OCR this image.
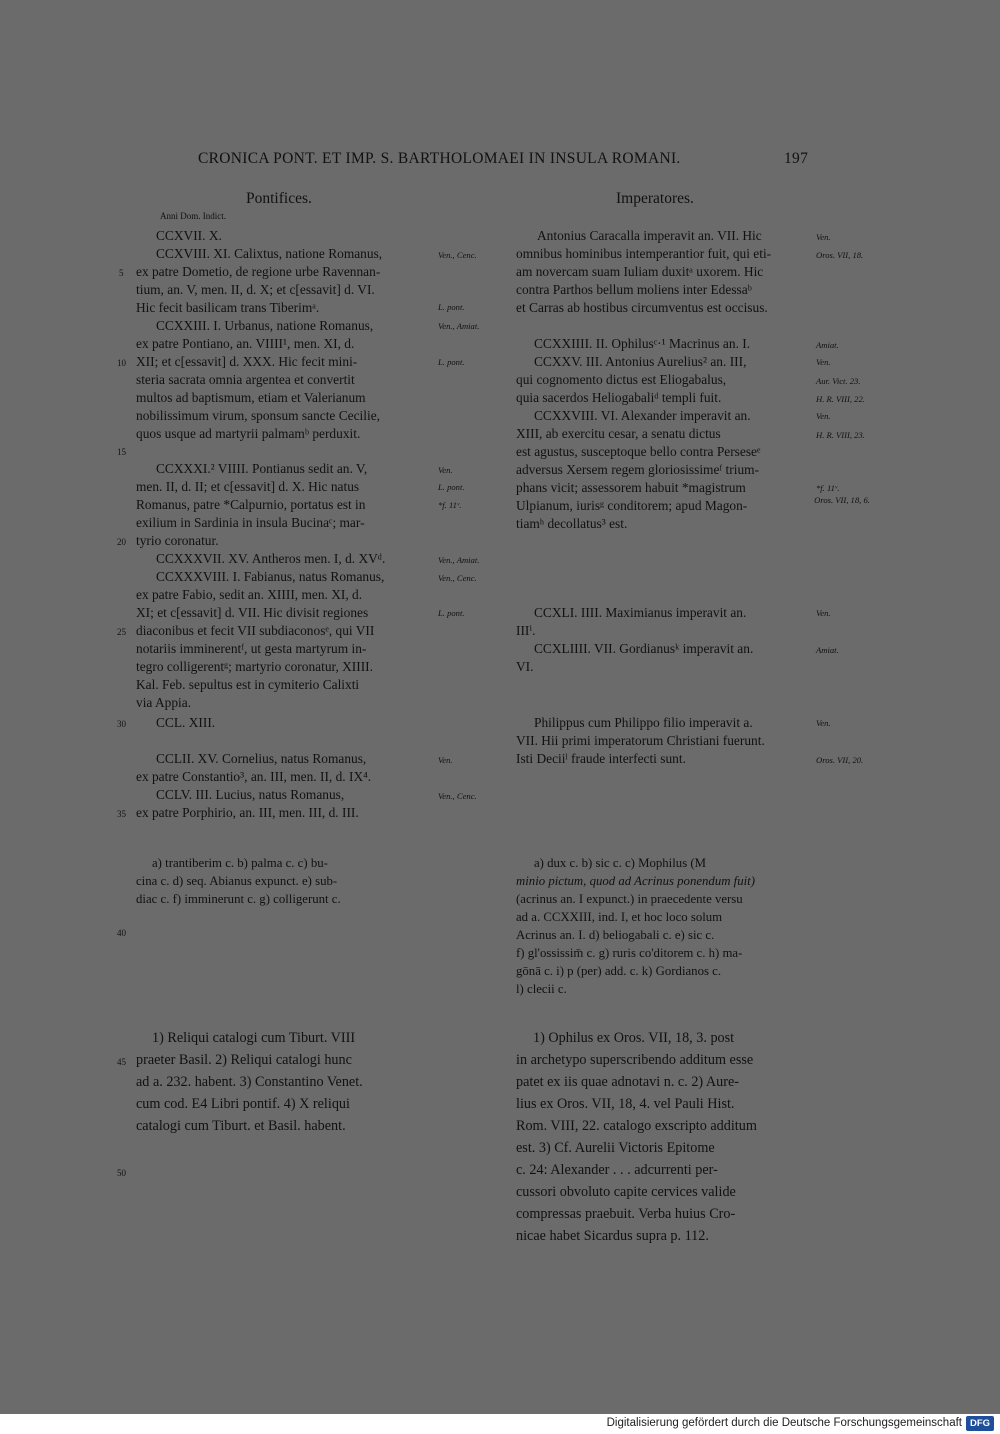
CRONICA PONT. ET IMP. S. BARTHOLOMAEI IN INSULA ROMANI.	197
Pontifices.	Imperatores.
Anni Dom. Indict.
CCXVII. X.
CCXVIII. XI. Calixtus, natione Romanus,
ex patre Dometio, de regione urbe Ravennan-
tium, an. V, men. II, d. X; et c[essavit] d. VI.
Hic fecit basilicam trans Tiberimᵃ.
CCXXIII. I. Urbanus, natione Romanus,
ex patre Pontiano, an. VIIII¹, men. XI, d.
XII; et c[essavit] d. XXX. Hic fecit mini-
steria sacrata omnia argentea et convertit
multos ad baptismum, etiam et Valerianum
nobilissimum virum, sponsum sancte Cecilie,
quos usque ad martyrii palmamᵇ perduxit.
CCXXXI.² VIIII. Pontianus sedit an. V,
men. II, d. II; et c[essavit] d. X. Hic natus
Romanus, patre *Calpurnio, portatus est in
exilium in Sardinia in insula Bucinaᶜ; mar-
tyrio coronatur.
CCXXXVII. XV. Antheros men. I, d. XVᵈ.
CCXXXVIII. I. Fabianus, natus Romanus,
ex patre Fabio, sedit an. XIIII, men. XI, d.
XI; et c[essavit] d. VII. Hic divisit regiones
diaconibus et fecit VII subdiaconosᵉ, qui VII
notariis imminerentᶠ, ut gesta martyrum in-
tegro colligerentᵍ; martyrio coronatur, XIIII.
Kal. Feb. sepultus est in cymiterio Calixti
via Appia.
CCL. XIII.
CCLII. XV. Cornelius, natus Romanus,
ex patre Constantio³, an. III, men. II, d. IX⁴.
CCLV. III. Lucius, natus Romanus,
ex patre Porphirio, an. III, men. III, d. III.
Ven., Cenc.
L. pont.
Ven., Amiat.
L. pont.
Ven.
L. pont.
*f. 11ᵛ.
Ven., Amiat.
Ven., Cenc.
L. pont.
Ven.
Ven., Cenc.
5
10
15
20
25
30
35
40
45
50
a) trantiberim c. b) palma c. c) bu-
cina c. d) seq. Abianus expunct. e) sub-
diac c. f) imminerunt c. g) colligerunt c.
1) Reliqui catalogi cum Tiburt. VIII
praeter Basil. 2) Reliqui catalogi hunc
ad a. 232. habent. 3) Constantino Venet.
cum cod. E4 Libri pontif. 4) X reliqui
catalogi cum Tiburt. et Basil. habent.
Antonius Caracalla imperavit an. VII. Hic
omnibus hominibus intemperantior fuit, qui eti-
am novercam suam Iuliam duxitᵃ uxorem. Hic
contra Parthos bellum moliens inter Edessaᵇ
et Carras ab hostibus circumventus est occisus.
CCXXIIII. II. Ophilusᶜ·¹ Macrinus an. I.
CCXXV. III. Antonius Aurelius² an. III,
qui cognomento dictus est Eliogabalus,
quia sacerdos Heliogabaliᵈ templi fuit.
CCXXVIII. VI. Alexander imperavit an.
XIII, ab exercitu cesar, a senatu dictus
est agustus, susceptoque bello contra Perseseᵉ
adversus Xersem regem gloriosissimeᶠ trium-
phans vicit; assessorem habuit *magistrum
Ulpianum, iurisᵍ conditorem; apud Magon-
tiamʰ decollatus³ est.
CCXLI. IIII. Maximianus imperavit an.
IIIⁱ.
CCXLIIII. VII. Gordianusᵏ imperavit an.
VI.
Philippus cum Philippo filio imperavit a.
VII. Hii primi imperatorum Christiani fuerunt.
Isti Deciiˡ fraude interfecti sunt.
Ven.
Oros. VII, 18.
Amiat.
Ven.
Aur. Vict. 23.
H. R. VIII, 22.
Ven.
H. R. VIII, 23.
*f. 11ᵛ.
Oros. VII, 18, 6.
Ven.
Amiat.
Ven.
Oros. VII, 20.
a) dux c. b) sic c. c) Mophilus (M
minio pictum, quod ad Acrinus ponendum fuit)
(acrinus an. I expunct.) in praecedente versu
ad a. CCXXIII, ind. I, et hoc loco solum
Acrinus an. I. d) beliogabali c. e) sic c.
f) gl'ossissim̄ c. g) ruris co'ditorem c. h) ma-
gōnā c. i) p (per) add. c. k) Gordianos c.
l) clecii c.
1) Ophilus ex Oros. VII, 18, 3. post
in archetypo superscribendo additum esse
patet ex iis quae adnotavi n. c. 2) Aure-
lius ex Oros. VII, 18, 4. vel Pauli Hist.
Rom. VIII, 22. catalogo exscripto additum
est. 3) Cf. Aurelii Victoris Epitome
c. 24: Alexander . . . adcurrenti per-
cussori obvoluto capite cervices valide
compressas praebuit. Verba huius Cro-
nicae habet Sicardus supra p. 112.
Digitalisierung gefördert durch die Deutsche Forschungsgemeinschaft DFG
